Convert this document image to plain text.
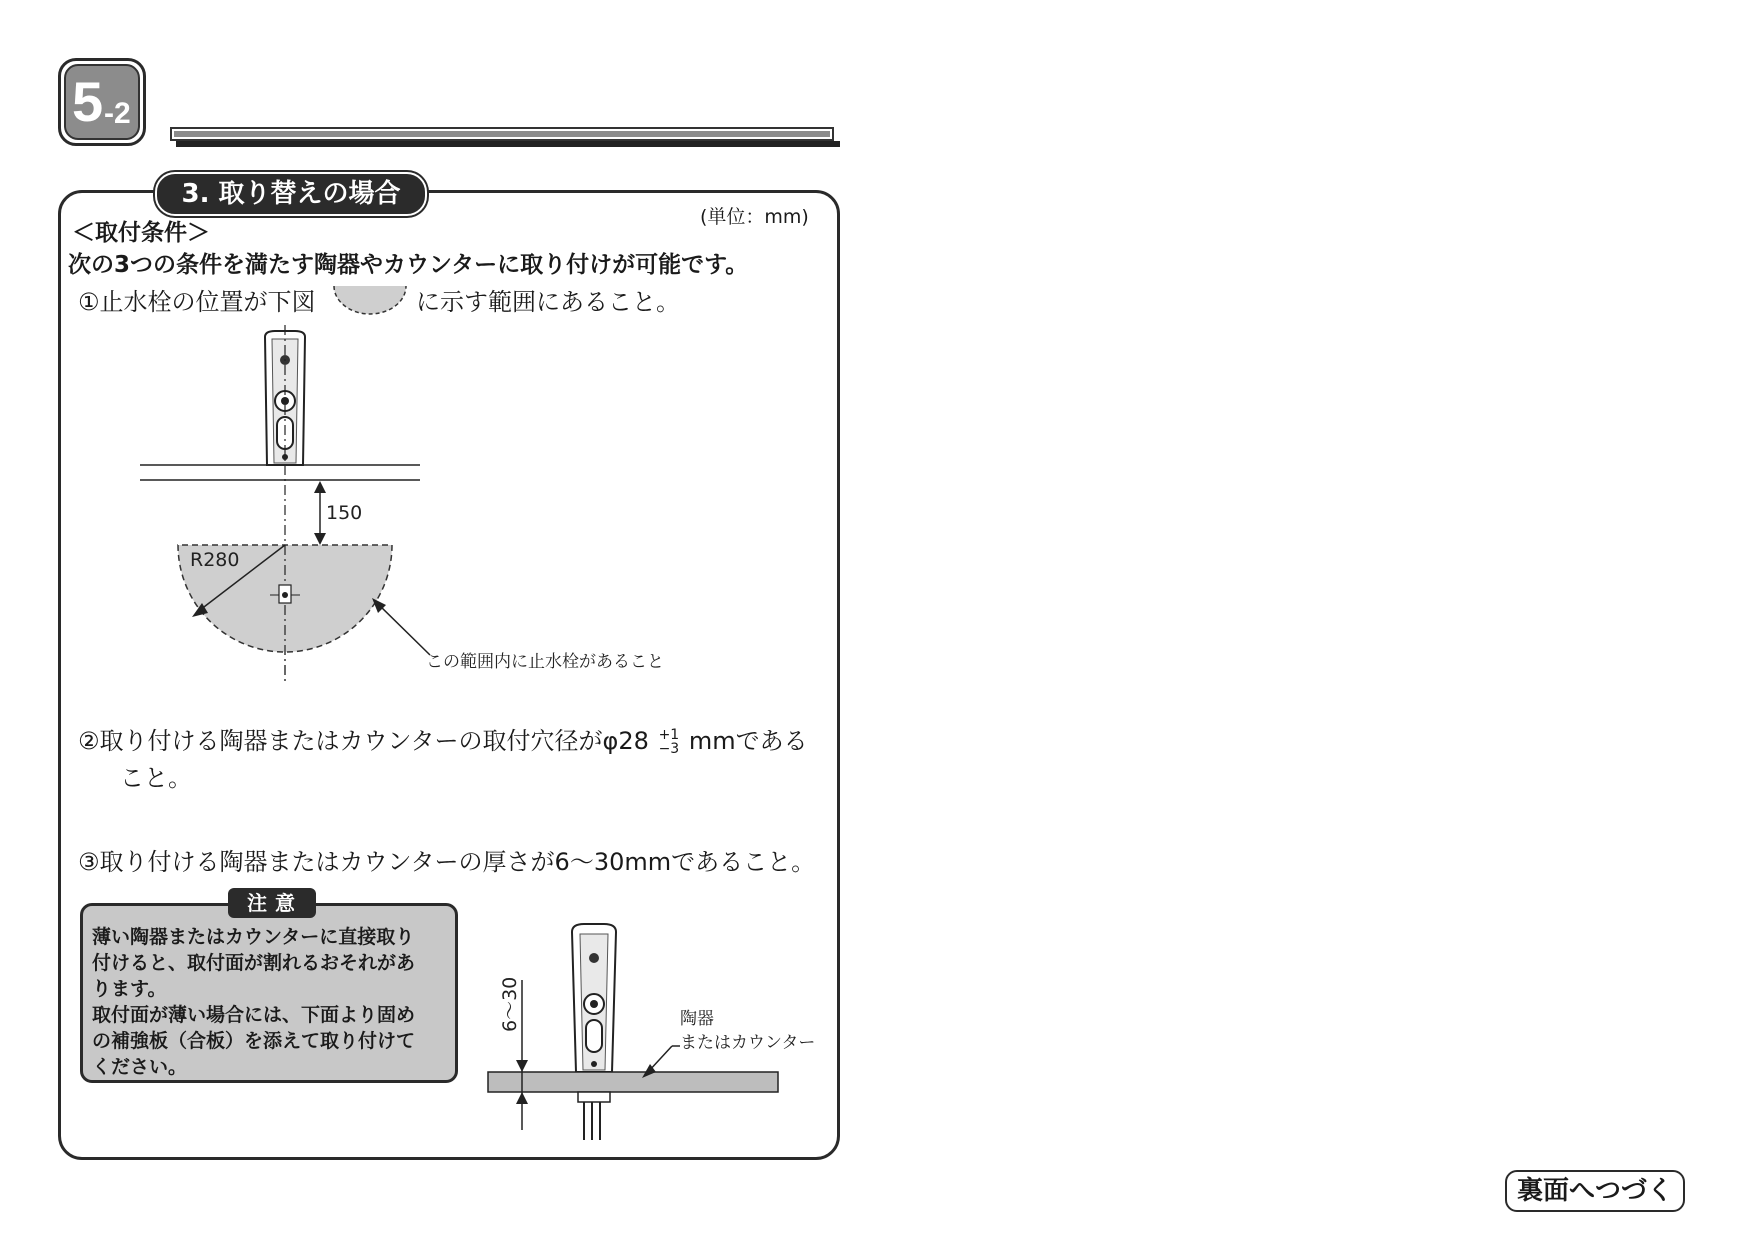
5 -2
3. 取り替えの場合
(単位：mm)
＜取付条件＞
次の3つの条件を満たす陶器やカウンターに取り付けが可能です。
①止水栓の位置が下図	に示す範囲にあること。
150
R280
この範囲内に止水栓があること
②取り付ける陶器またはカウンターの取付穴径がφ28 +1
−3 mmである
こと。
③取り付ける陶器またはカウンターの厚さが6～30mmであること。
注意
薄い陶器またはカウンターに直接取り
付けると、取付面が割れるおそれがあ
ります。
取付面が薄い場合には、下面より固め
の補強板（合板）を添えて取り付けて
ください。
6～30	陶器
またはカウンター
裏面へつづく
